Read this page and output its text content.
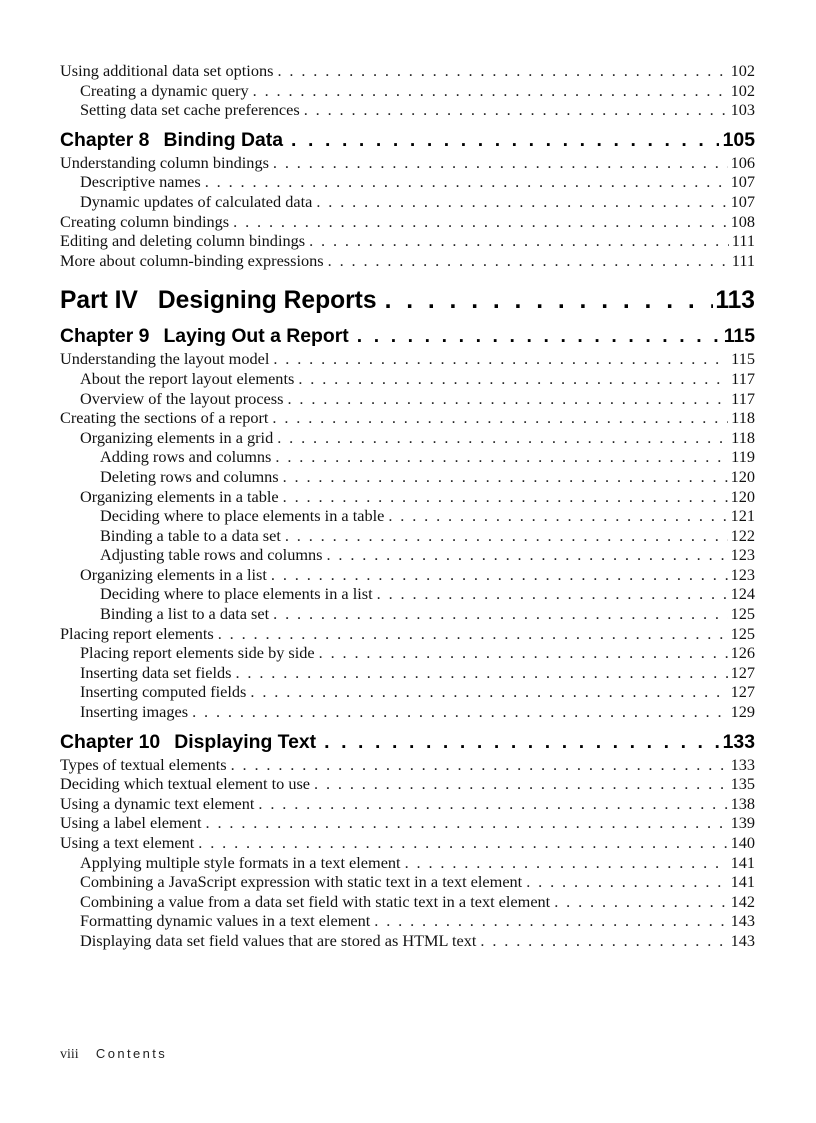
Using additional data set options . . .	102
Creating a dynamic query . . .	102
Setting data set cache preferences . . .	103
Chapter 8 Binding Data . . .	105
Understanding column bindings . . .	106
Descriptive names . . .	107
Dynamic updates of calculated data . . .	107
Creating column bindings . . .	108
Editing and deleting column bindings . . .	111
More about column-binding expressions . . .	111
Part IV Designing Reports . . .	113
Chapter 9 Laying Out a Report . . .	115
Understanding the layout model . . .	115
About the report layout elements . . .	117
Overview of the layout process . . .	117
Creating the sections of a report . . .	118
Organizing elements in a grid . . .	118
Adding rows and columns . . .	119
Deleting rows and columns . . .	120
Organizing elements in a table . . .	120
Deciding where to place elements in a table . . .	121
Binding a table to a data set . . .	122
Adjusting table rows and columns . . .	123
Organizing elements in a list . . .	123
Deciding where to place elements in a list . . .	124
Binding a list to a data set . . .	125
Placing report elements . . .	125
Placing report elements side by side . . .	126
Inserting data set fields . . .	127
Inserting computed fields . . .	127
Inserting images . . .	129
Chapter 10 Displaying Text . . .	133
Types of textual elements . . .	133
Deciding which textual element to use . . .	135
Using a dynamic text element . . .	138
Using a label element . . .	139
Using a text element . . .	140
Applying multiple style formats in a text element . . .	141
Combining a JavaScript expression with static text in a text element . . .	141
Combining a value from a data set field with static text in a text element . . .	142
Formatting dynamic values in a text element . . .	143
Displaying data set field values that are stored as HTML text . . .	143
viii Contents
